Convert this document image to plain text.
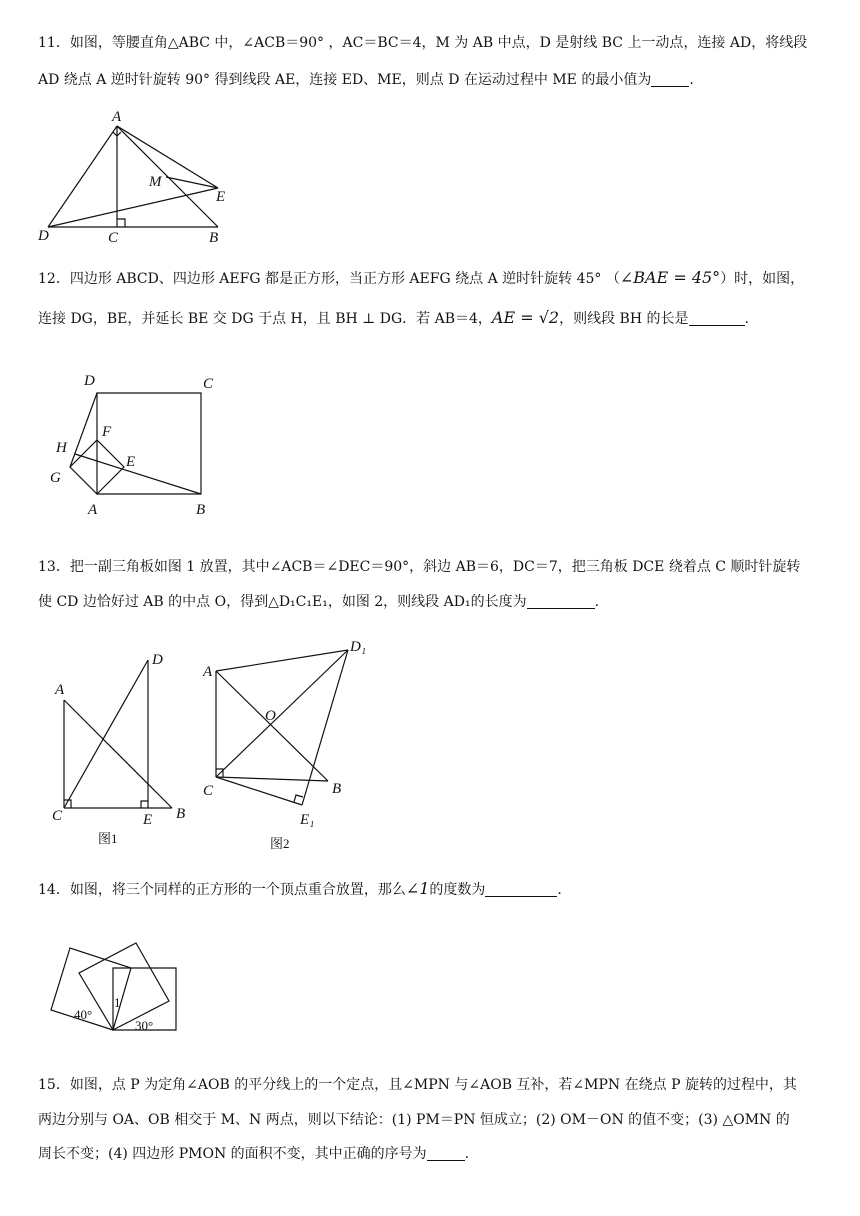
11．如图，等腰直角△ABC 中，∠ACB＝90° ，AC＝BC＝4，M 为 AB 中点，D 是射线 BC 上一动点，连接 AD，将线段
AD 绕点 A 逆时针旋转 90° 得到线段 AE，连接 ED、ME，则点 D 在运动过程中 ME 的最小值为	.
A
M
E
D	C	B
12．四边形 ABCD、四边形 AEFG 都是正方形，当正方形 AEFG 绕点 A 逆时针旋转 45° （∠BAE = 45°）时，如图，
连接 DG，BE，并延长 BE 交 DG 于点 H，且 BH ⊥ DG．若 AB＝4，AE = √2，则线段 BH 的长是	.
D	C
H
F
E
G
A	B
13．把一副三角板如图 1 放置，其中∠ACB＝∠DEC＝90°，斜边 AB＝6，DC＝7，把三角板 DCE 绕着点 C 顺时针旋转
使 CD 边恰好过 AB 的中点 O，得到△D₁C₁E₁，如图 2，则线段 AD₁的长度为	.
A
D
C	E B
图1
A
D₁
O
C	B
E₁
图2
14．如图，将三个同样的正方形的一个顶点重合放置，那么∠1的度数为	.
40°
1
30°
15．如图，点 P 为定角∠AOB 的平分线上的一个定点，且∠MPN 与∠AOB 互补，若∠MPN 在绕点 P 旋转的过程中，其
两边分别与 OA、OB 相交于 M、N 两点，则以下结论：(1) PM＝PN 恒成立；(2) OM－ON 的值不变；(3) △OMN 的
周长不变；(4) 四边形 PMON 的面积不变，其中正确的序号为	.
